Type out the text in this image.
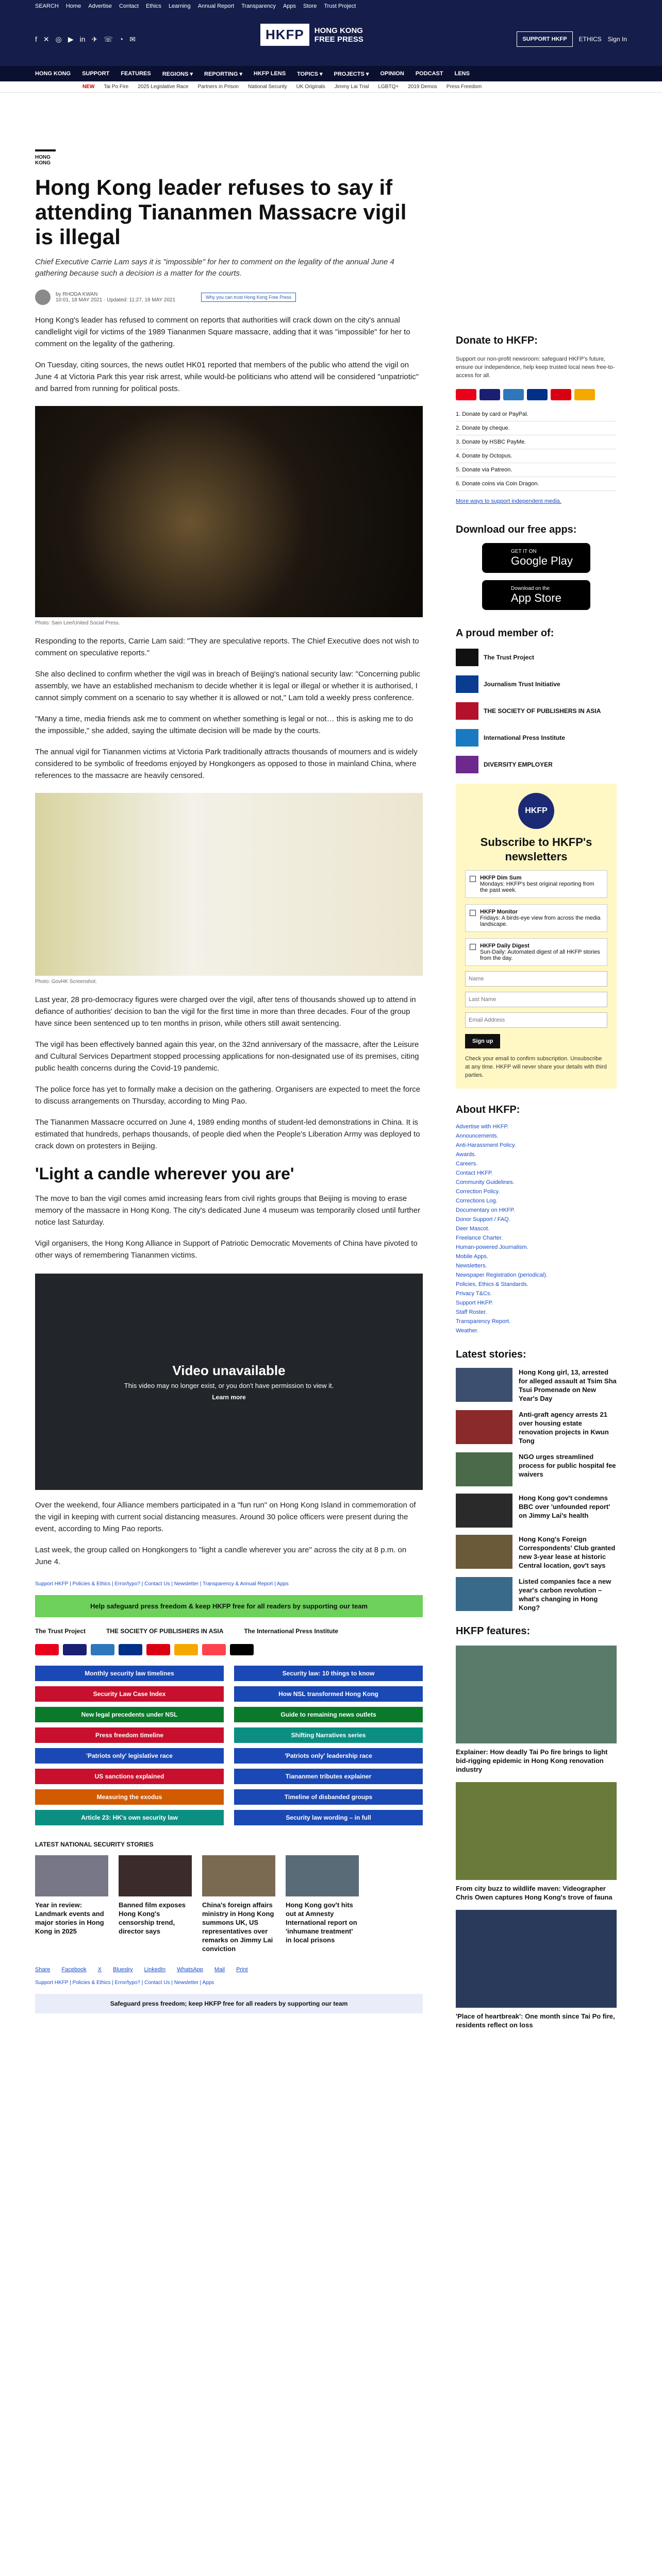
SEARCH Home Advertise Contact Ethics Learning Annual Report Transparency Apps Store Trust Project
f ✕ ◎ ▶ in ✈ ☏ ◔ ✉	HKFP	HONG KONG
FREE PRESS	SUPPORT HKFP	ETHICS Sign In
HONG KONG SUPPORT FEATURES REGIONS ▾ REPORTING ▾ HKFP LENS TOPICS ▾ PROJECTS ▾ OPINION PODCAST LENS
NEW Tai Po Fire 2025 Legislative Race Partners in Prison National Security UK Originals Jimmy Lai Trial LGBTQ+ 2019 Demos Press Freedom
HONG KONG
Hong Kong leader refuses to say if attending Tiananmen Massacre vigil is illegal
Chief Executive Carrie Lam says it is "impossible" for her to comment on the legality of the annual June 4 gathering because such a decision is a matter for the courts.
by RHODA KWAN
10:01, 18 MAY 2021 · Updated: 11:27, 18 MAY 2021	Why you can trust Hong Kong Free Press

Hong Kong's leader has refused to comment on reports that authorities will crack down on the city's annual candlelight vigil for victims of the 1989 Tiananmen Square massacre, adding that it was "impossible" for her to comment on the legality of the gathering.

On Tuesday, citing sources, the news outlet HK01 reported that members of the public who attend the vigil on June 4 at Victoria Park this year risk arrest, while would-be politicians who attend will be considered "unpatriotic" and barred from running for political posts.

Photo: Sam Lee/United Social Press.

Responding to the reports, Carrie Lam said: "They are speculative reports. The Chief Executive does not wish to comment on speculative reports."

She also declined to confirm whether the vigil was in breach of Beijing's national security law: "Concerning public assembly, we have an established mechanism to decide whether it is legal or illegal or whether it is authorised, I cannot simply comment on a scenario to say whether it is allowed or not," Lam told a weekly press conference.

"Many a time, media friends ask me to comment on whether something is legal or not… this is asking me to do the impossible," she added, saying the ultimate decision will be made by the courts.

The annual vigil for Tiananmen victims at Victoria Park traditionally attracts thousands of mourners and is widely considered to be symbolic of freedoms enjoyed by Hongkongers as opposed to those in mainland China, where references to the massacre are heavily censored.

Photo: GovHK Screenshot.

Last year, 28 pro-democracy figures were charged over the vigil, after tens of thousands showed up to attend in defiance of authorities' decision to ban the vigil for the first time in more than three decades. Four of the group have since been sentenced up to ten months in prison, while others still await sentencing.

The vigil has been effectively banned again this year, on the 32nd anniversary of the massacre, after the Leisure and Cultural Services Department stopped processing applications for non-designated use of its premises, citing public health concerns during the Covid-19 pandemic.

The police force has yet to formally make a decision on the gathering. Organisers are expected to meet the force to discuss arrangements on Thursday, according to Ming Pao.

The Tiananmen Massacre occurred on June 4, 1989 ending months of student-led demonstrations in China. It is estimated that hundreds, perhaps thousands, of people died when the People's Liberation Army was deployed to crack down on protesters in Beijing.

'Light a candle wherever you are'

The move to ban the vigil comes amid increasing fears from civil rights groups that Beijing is moving to erase memory of the massacre in Hong Kong. The city's dedicated June 4 museum was temporarily closed until further notice last Saturday.

Vigil organisers, the Hong Kong Alliance in Support of Patriotic Democratic Movements of China have pivoted to other ways of remembering Tiananmen victims.

Video unavailable
This video may no longer exist, or you don't have permission to view it.
Learn more

Over the weekend, four Alliance members participated in a "fun run" on Hong Kong Island in commemoration of the vigil in keeping with current social distancing measures. Around 30 police officers were present during the event, according to Ming Pao reports.

Last week, the group called on Hongkongers to "light a candle wherever you are" across the city at 8 p.m. on June 4.

Support HKFP | Policies & Ethics | Error/typo? | Contact Us | Newsletter | Transparency & Annual Report | Apps
Help safeguard press freedom & keep HKFP free for all readers by supporting our team
The Trust Project	THE SOCIETY OF PUBLISHERS IN ASIA	The International Press Institute
Monthly security law timelines	Security law: 10 things to know
Security Law Case Index	How NSL transformed Hong Kong
New legal precedents under NSL	Guide to remaining news outlets
Press freedom timeline	Shifting Narratives series
'Patriots only' legislative race	'Patriots only' leadership race
US sanctions explained	Tiananmen tributes explainer
Measuring the exodus	Timeline of disbanded groups
Article 23: HK's own security law	Security law wording – in full
LATEST NATIONAL SECURITY STORIES
Year in review: Landmark events and major stories in Hong Kong in 2025
Banned film exposes Hong Kong's censorship trend, director says
China's foreign affairs ministry in Hong Kong summons UK, US representatives over remarks on Jimmy Lai conviction
Hong Kong gov't hits out at Amnesty International report on 'inhumane treatment' in local prisons
Share Facebook X Bluesky LinkedIn WhatsApp Mail Print
Support HKFP | Policies & Ethics | Error/typo? | Contact Us | Newsletter | Apps
Safeguard press freedom; keep HKFP free for all readers by supporting our team
Donate to HKFP:

Support our non-profit newsroom: safeguard HKFP's future, ensure our independence, help keep trusted local news free-to-access for all.

1. Donate by card or PayPal.
2. Donate by cheque.
3. Donate by HSBC PayMe.
4. Donate by Octopus.
5. Donate via Patreon.
6. Donate coins via Coin Dragon.

More ways to support independent media.

Download our free apps:
GET IT ON
Google Play
Download on the
App Store
A proud member of:
The Trust Project
Journalism Trust Initiative
THE SOCIETY OF PUBLISHERS IN ASIA
International Press Institute
DIVERSITY EMPLOYER
HKFP
Subscribe to HKFP's newsletters
HKFP Dim Sum
Mondays: HKFP's best original reporting from the past week.
HKFP Monitor
Fridays: A birds-eye view from across the media landscape.
HKFP Daily Digest
Sun-Daily: Automated digest of all HKFP stories from the day.
Name Last Name Email Address Sign up

Check your email to confirm subscription. Unsubscribe at any time. HKFP will never share your details with third parties.

About HKFP:
Advertise with HKFP.
Announcements.
Anti-Harassment Policy.
Awards.
Careers.
Contact HKFP.
Community Guidelines.
Correction Policy.
Corrections Log.
Documentary on HKFP.
Donor Support / FAQ.
Deer Mascot.
Freelance Charter.
Human-powered Journalism.
Mobile Apps.
Newsletters.
Newspaper Registration (periodical).
Policies, Ethics & Standards.
Privacy T&Cs.
Support HKFP.
Staff Roster.
Transparency Report.
Weather.
Latest stories:
Hong Kong girl, 13, arrested for alleged assault at Tsim Sha Tsui Promenade on New Year's Day
Anti-graft agency arrests 21 over housing estate renovation projects in Kwun Tong
NGO urges streamlined process for public hospital fee waivers
Hong Kong gov't condemns BBC over 'unfounded report' on Jimmy Lai's health
Hong Kong's Foreign Correspondents' Club granted new 3-year lease at historic Central location, gov't says
Listed companies face a new year's carbon revolution – what's changing in Hong Kong?
HKFP features:
Explainer: How deadly Tai Po fire brings to light bid-rigging epidemic in Hong Kong renovation industry
From city buzz to wildlife maven: Videographer Chris Owen captures Hong Kong's trove of fauna
'Place of heartbreak': One month since Tai Po fire, residents reflect on loss
